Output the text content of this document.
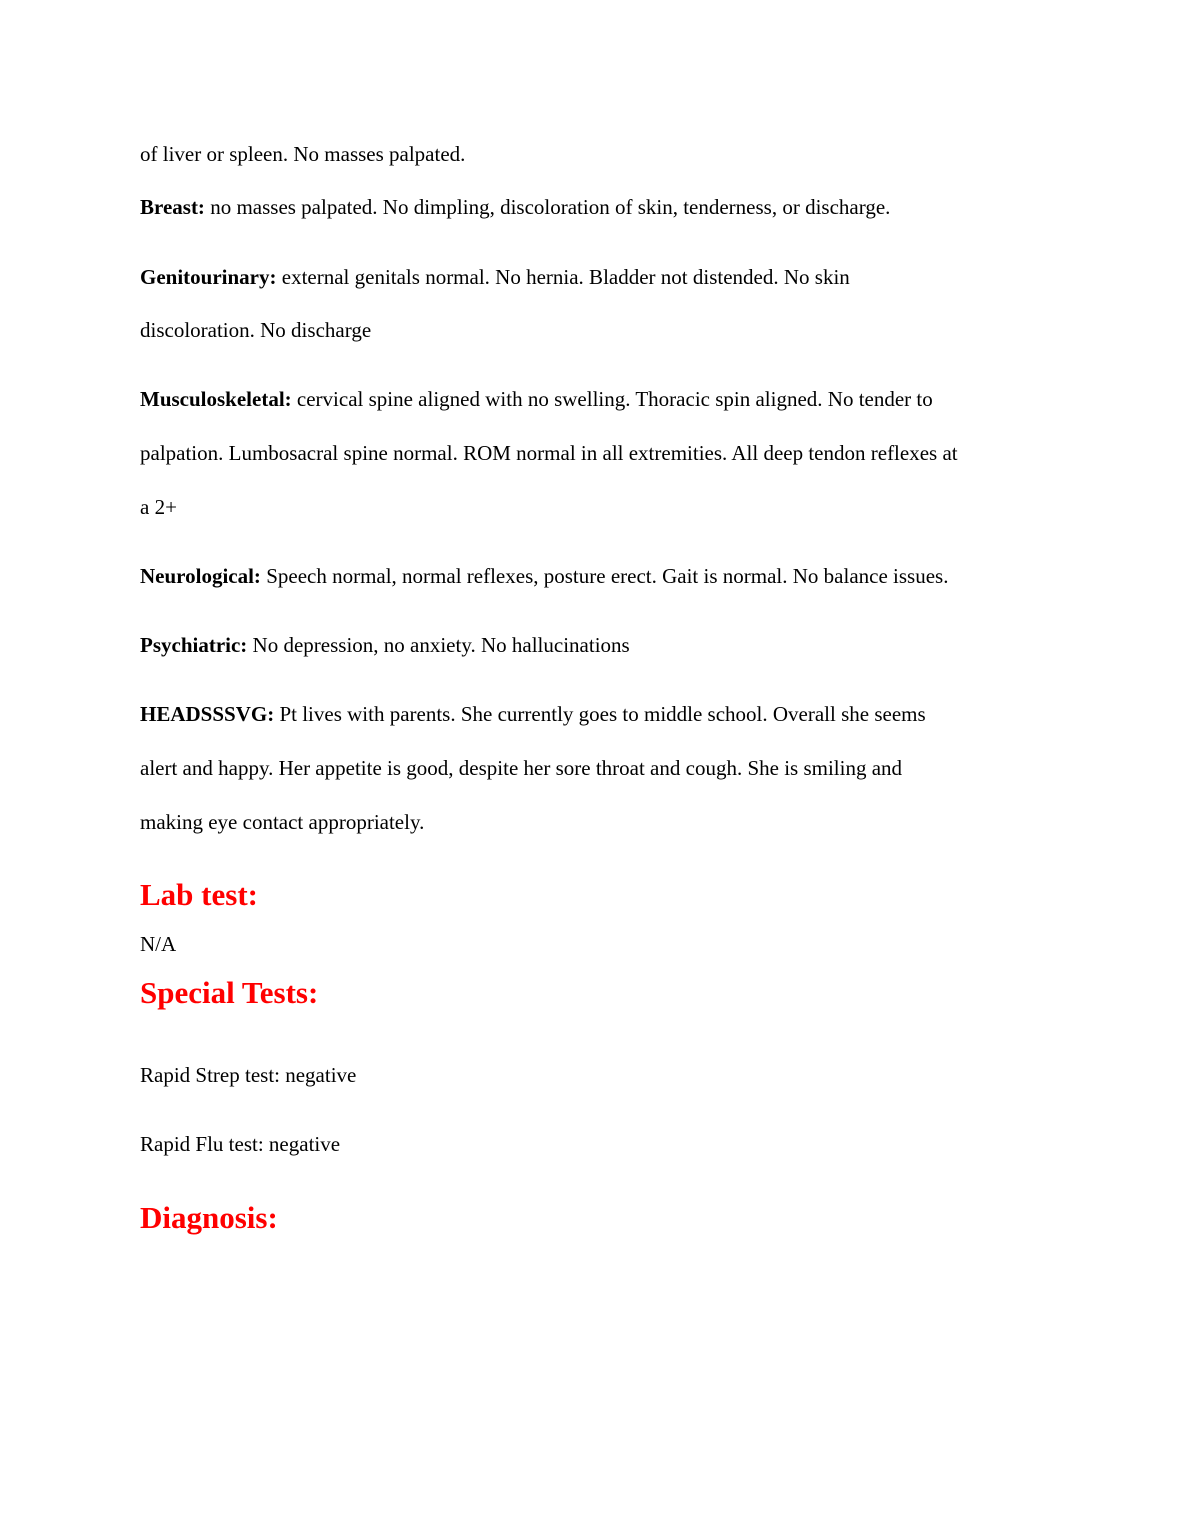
of liver or spleen. No masses palpated.
Breast: no masses palpated. No dimpling, discoloration of skin, tenderness, or discharge.
Genitourinary: external genitals normal. No hernia. Bladder not distended. No skin
discoloration. No discharge
Musculoskeletal: cervical spine aligned with no swelling. Thoracic spin aligned. No tender to
palpation. Lumbosacral spine normal. ROM normal in all extremities. All deep tendon reflexes at
a 2+
Neurological: Speech normal, normal reflexes, posture erect. Gait is normal. No balance issues.
Psychiatric: No depression, no anxiety. No hallucinations
HEADSSSVG: Pt lives with parents. She currently goes to middle school. Overall she seems
alert and happy. Her appetite is good, despite her sore throat and cough. She is smiling and
making eye contact appropriately.
Lab test:
N/A
Special Tests:
Rapid Strep test: negative
Rapid Flu test: negative
Diagnosis:
